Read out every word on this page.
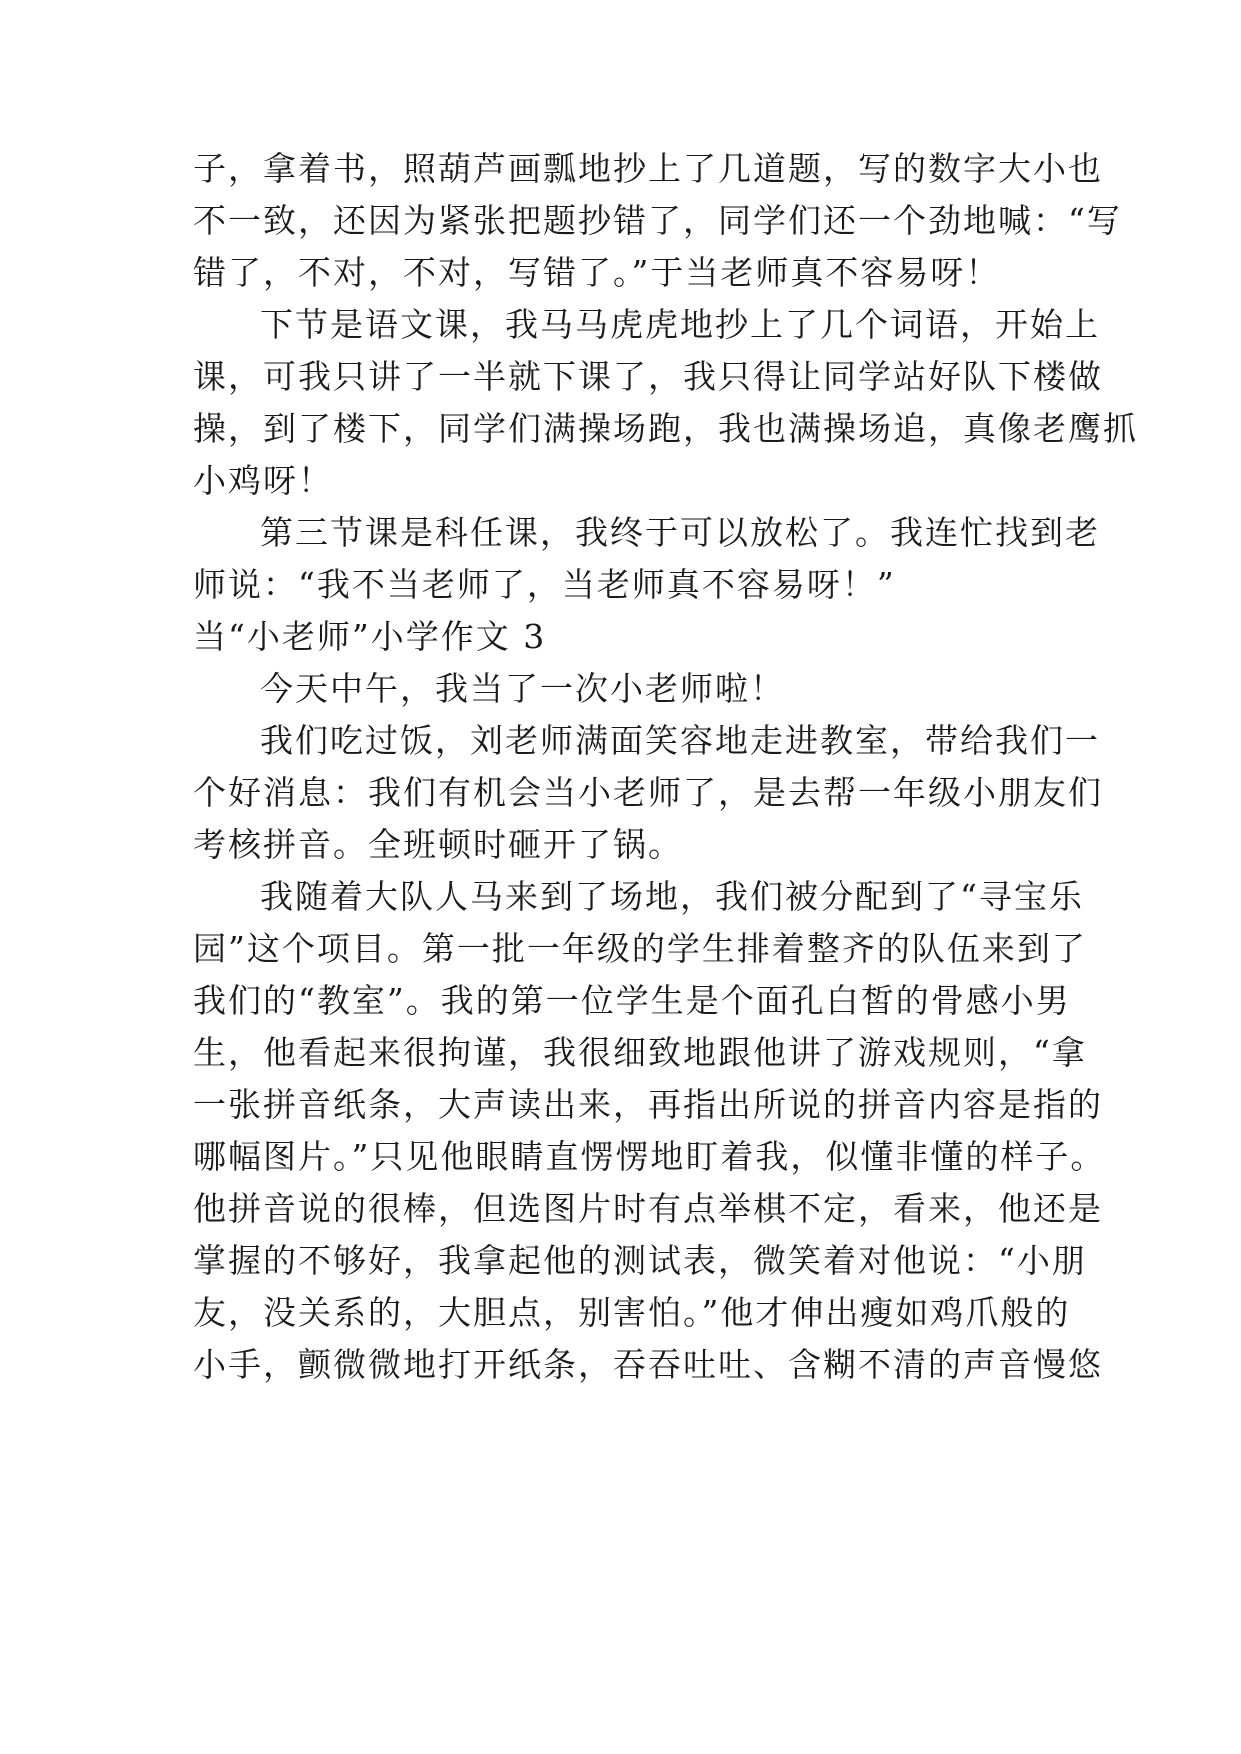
子，拿着书，照葫芦画瓢地抄上了几道题，写的数字大小也
不一致，还因为紧张把题抄错了，同学们还一个劲地喊：“写
错了，不对，不对，写错了。”于当老师真不容易呀！
下节是语文课，我马马虎虎地抄上了几个词语，开始上
课，可我只讲了一半就下课了，我只得让同学站好队下楼做
操，到了楼下，同学们满操场跑，我也满操场追，真像老鹰抓
小鸡呀！
第三节课是科任课，我终于可以放松了。我连忙找到老
师说：“我不当老师了，当老师真不容易呀！”
当“小老师”小学作文 3
今天中午，我当了一次小老师啦！
我们吃过饭，刘老师满面笑容地走进教室，带给我们一
个好消息：我们有机会当小老师了，是去帮一年级小朋友们
考核拼音。全班顿时砸开了锅。
我随着大队人马来到了场地，我们被分配到了“寻宝乐
园”这个项目。第一批一年级的学生排着整齐的队伍来到了
我们的“教室”。我的第一位学生是个面孔白皙的骨感小男
生，他看起来很拘谨，我很细致地跟他讲了游戏规则，“拿
一张拼音纸条，大声读出来，再指出所说的拼音内容是指的
哪幅图片。”只见他眼睛直愣愣地盯着我，似懂非懂的样子。
他拼音说的很棒，但选图片时有点举棋不定，看来，他还是
掌握的不够好，我拿起他的测试表，微笑着对他说：“小朋
友，没关系的，大胆点，别害怕。”他才伸出瘦如鸡爪般的
小手，颤微微地打开纸条，吞吞吐吐、含糊不清的声音慢悠
